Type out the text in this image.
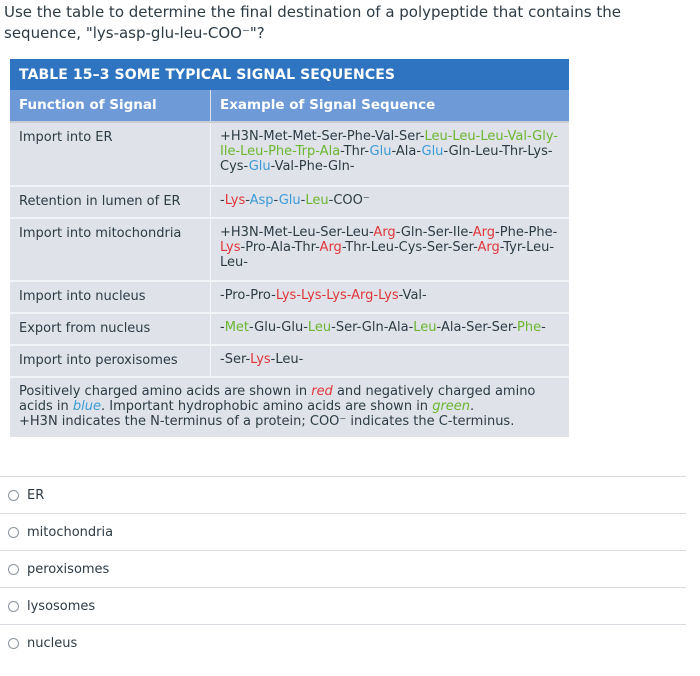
Use the table to determine the final destination of a polypeptide that contains the sequence, "lys-asp-glu-leu-COO⁻"?
TABLE 15–3 SOME TYPICAL SIGNAL SEQUENCES
Function of Signal	Example of Signal Sequence
Import into ER	+H3N-Met-Met-Ser-Phe-Val-Ser-Leu-Leu-Leu-Val-Gly-Ile-Leu-Phe-Trp-Ala-Thr-Glu-Ala-Glu-Gln-Leu-Thr-Lys-Cys-Glu-Val-Phe-Gln-
Retention in lumen of ER	-Lys-Asp-Glu-Leu-COO⁻
Import into mitochondria	+H3N-Met-Leu-Ser-Leu-Arg-Gln-Ser-Ile-Arg-Phe-Phe-Lys-Pro-Ala-Thr-Arg-Thr-Leu-Cys-Ser-Ser-Arg-Tyr-Leu-Leu-
Import into nucleus	-Pro-Pro-Lys-Lys-Lys-Arg-Lys-Val-
Export from nucleus	-Met-Glu-Glu-Leu-Ser-Gln-Ala-Leu-Ala-Ser-Ser-Phe-
Import into peroxisomes	-Ser-Lys-Leu-
Positively charged amino acids are shown in red and negatively charged amino acids in blue. Important hydrophobic amino acids are shown in green.
+H3N indicates the N-terminus of a protein; COO⁻ indicates the C-terminus.
ER
mitochondria
peroxisomes
lysosomes
nucleus
